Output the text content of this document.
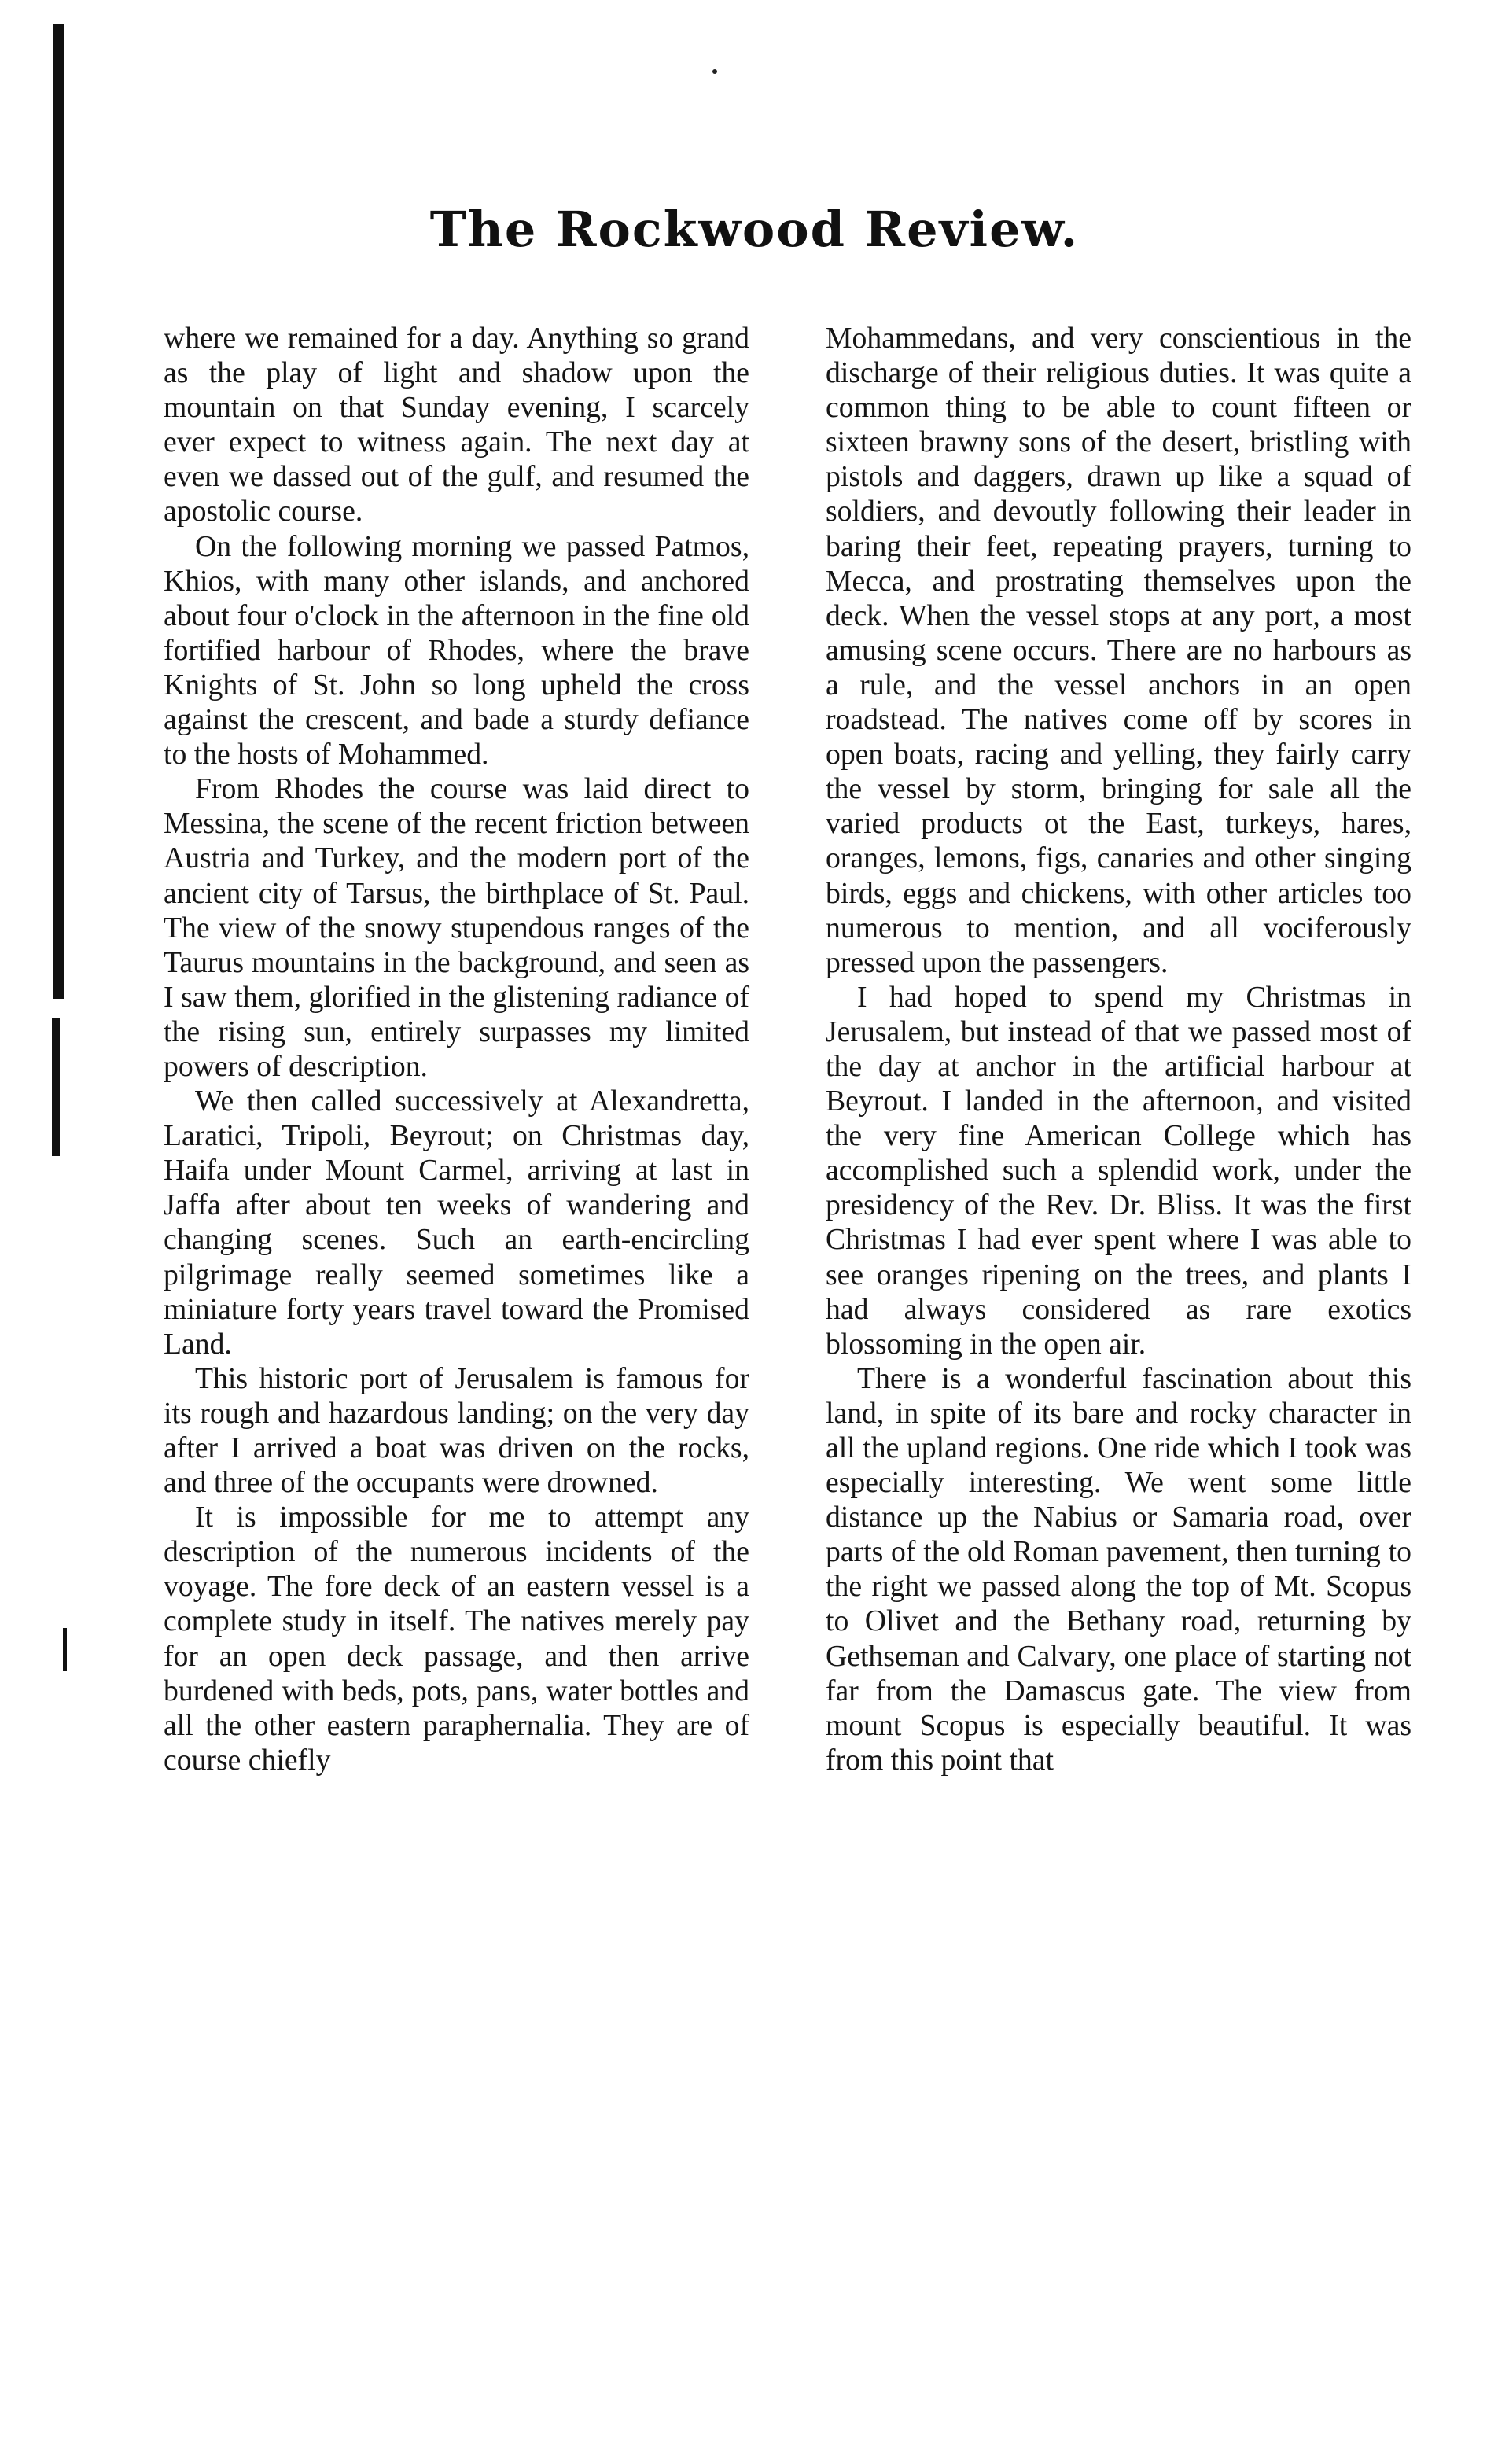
The Rockwood Review.

where we remained for a day. Anything so grand as the play of light and shadow upon the mountain on that Sunday evening, I scarcely ever expect to witness again. The next day at even we dassed out of the gulf, and resumed the apostolic course.

On the following morning we passed Patmos, Khios, with many other islands, and anchored about four o'clock in the afternoon in the fine old fortified harbour of Rhodes, where the brave Knights of St. John so long upheld the cross against the crescent, and bade a sturdy defiance to the hosts of Mohammed.

From Rhodes the course was laid direct to Messina, the scene of the recent friction between Austria and Turkey, and the modern port of the ancient city of Tarsus, the birthplace of St. Paul. The view of the snowy stupendous ranges of the Taurus mountains in the background, and seen as I saw them, glorified in the glistening radiance of the rising sun, entirely surpasses my limited powers of description.

We then called successively at Alexandretta, Laratici, Tripoli, Beyrout; on Christmas day, Haifa under Mount Carmel, arriving at last in Jaffa after about ten weeks of wandering and changing scenes. Such an earth-encircling pilgrimage really seemed sometimes like a miniature forty years travel toward the Promised Land.

This historic port of Jerusalem is famous for its rough and hazardous landing; on the very day after I arrived a boat was driven on the rocks, and three of the occupants were drowned.

It is impossible for me to attempt any description of the numerous incidents of the voyage. The fore deck of an eastern vessel is a complete study in itself. The natives merely pay for an open deck passage, and then arrive burdened with beds, pots, pans, water bottles and all the other eastern paraphernalia. They are of course chiefly

Mohammedans, and very conscientious in the discharge of their religious duties. It was quite a common thing to be able to count fifteen or sixteen brawny sons of the desert, bristling with pistols and daggers, drawn up like a squad of soldiers, and devoutly following their leader in baring their feet, repeating prayers, turning to Mecca, and prostrating themselves upon the deck. When the vessel stops at any port, a most amusing scene occurs. There are no harbours as a rule, and the vessel anchors in an open roadstead. The natives come off by scores in open boats, racing and yelling, they fairly carry the vessel by storm, bringing for sale all the varied products ot the East, turkeys, hares, oranges, lemons, figs, canaries and other singing birds, eggs and chickens, with other articles too numerous to mention, and all vociferously pressed upon the passengers.

I had hoped to spend my Christmas in Jerusalem, but instead of that we passed most of the day at anchor in the artificial harbour at Beyrout. I landed in the afternoon, and visited the very fine American College which has accomplished such a splendid work, under the presidency of the Rev. Dr. Bliss. It was the first Christmas I had ever spent where I was able to see oranges ripening on the trees, and plants I had always considered as rare exotics blossoming in the open air.

There is a wonderful fascination about this land, in spite of its bare and rocky character in all the upland regions. One ride which I took was especially interesting. We went some little distance up the Nabius or Samaria road, over parts of the old Roman pavement, then turning to the right we passed along the top of Mt. Scopus to Olivet and the Bethany road, returning by Gethseman and Calvary, one place of starting not far from the Damascus gate. The view from mount Scopus is especially beautiful. It was from this point that
